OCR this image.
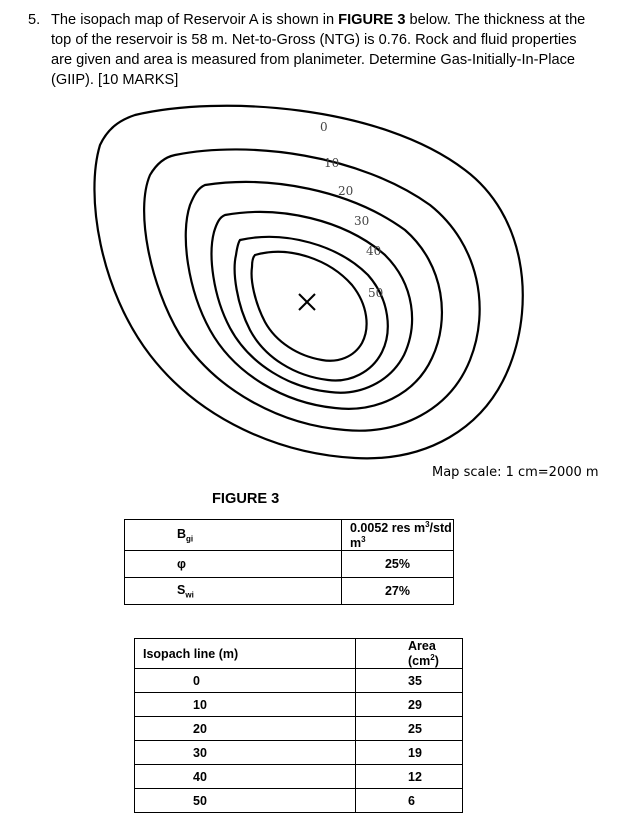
5. The isopach map of Reservoir A is shown in FIGURE 3 below. The thickness at the top of the reservoir is 58 m. Net-to-Gross (NTG) is 0.76. Rock and fluid properties are given and area is measured from planimeter. Determine Gas-Initially-In-Place (GIIP). [10 MARKS]
0
10
20
30
40
50
Map scale: 1 cm=2000 m
FIGURE 3
$B_{gi}$	0.0052 res $m^3$/std $m^3$
φ	25%
$S_{wi}$	27%
Isopach line (m)	Area $(cm^2)$
0	35
10	29
20	25
30	19
40	12
50	6
